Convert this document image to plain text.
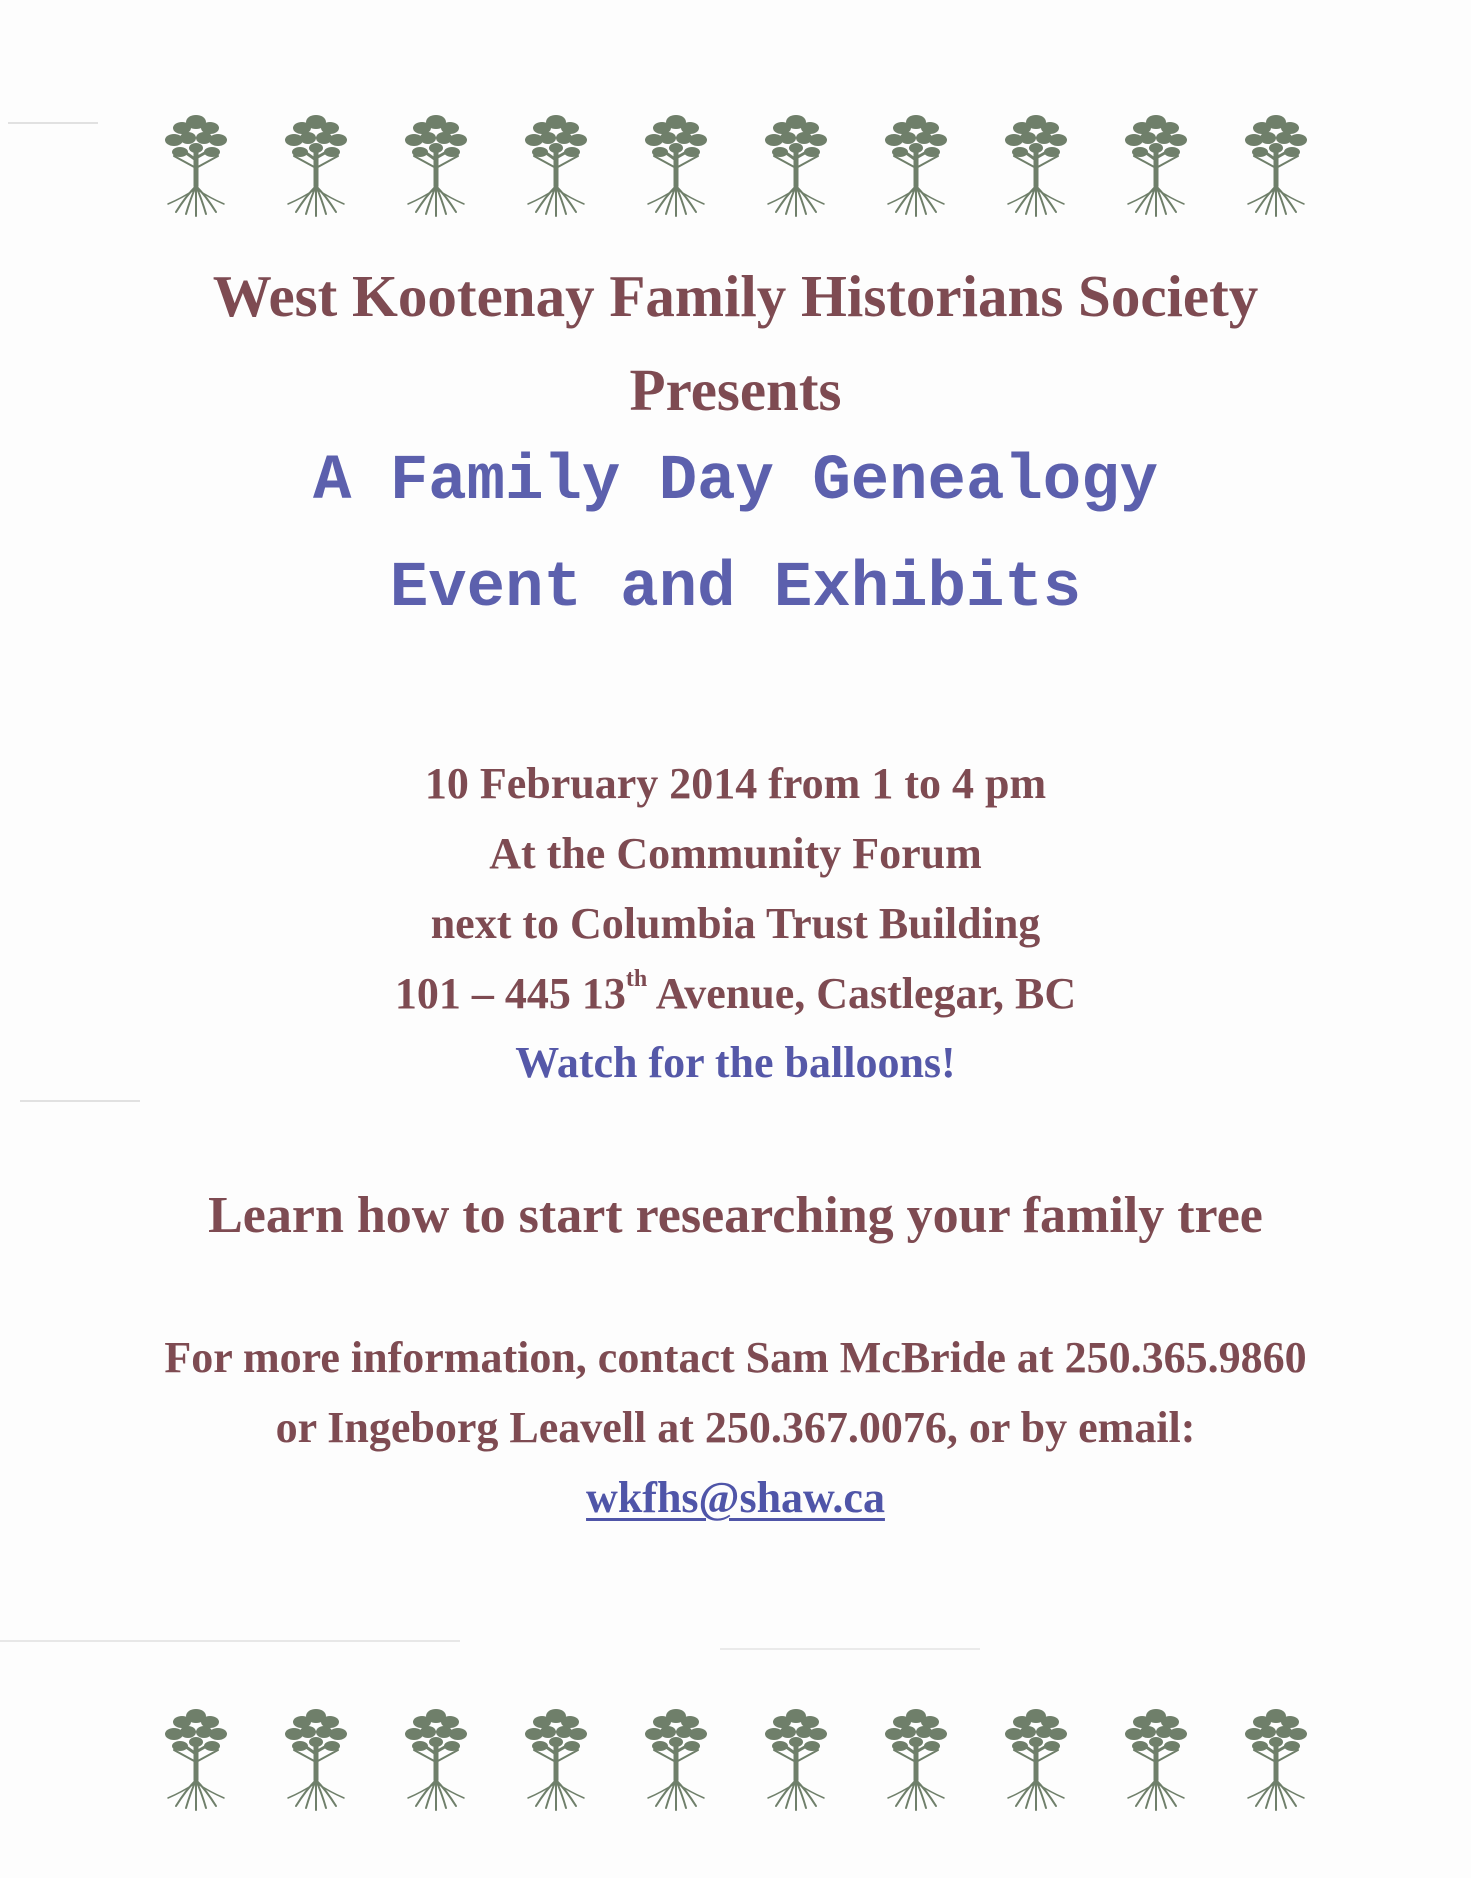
West Kootenay Family Historians Society

Presents

A Family Day Genealogy

Event and Exhibits

10 February 2014 from 1 to 4 pm

At the Community Forum

next to Columbia Trust Building

101 – 445 13th Avenue, Castlegar, BC

Watch for the balloons!

Learn how to start researching your family tree

For more information, contact Sam McBride at 250.365.9860

or Ingeborg Leavell at 250.367.0076, or by email:

wkfhs@shaw.ca
